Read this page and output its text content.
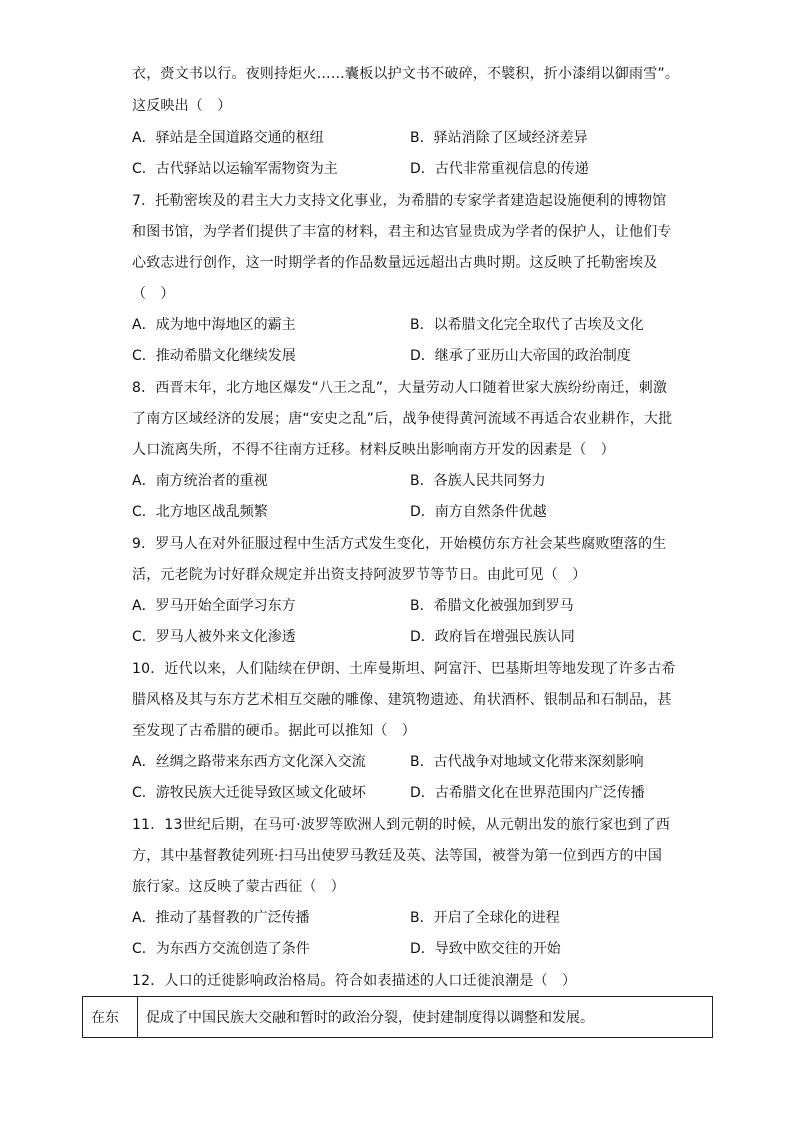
衣，赍文书以行。夜则持炬火……囊板以护文书不破碎，不襞积，折小漆绢以御雨雪”。
这反映出（　）
A．驿站是全国道路交通的枢纽	B．驿站消除了区域经济差异
C．古代驿站以运输军需物资为主	D．古代非常重视信息的传递
7．托勒密埃及的君主大力支持文化事业，为希腊的专家学者建造起设施便利的博物馆
和图书馆，为学者们提供了丰富的材料，君主和达官显贵成为学者的保护人，让他们专
心致志进行创作，这一时期学者的作品数量远远超出古典时期。这反映了托勒密埃及
（　）
A．成为地中海地区的霸主	B．以希腊文化完全取代了古埃及文化
C．推动希腊文化继续发展	D．继承了亚历山大帝国的政治制度
8．西晋末年，北方地区爆发“八王之乱”，大量劳动人口随着世家大族纷纷南迁，刺激
了南方区域经济的发展；唐“安史之乱”后，战争使得黄河流域不再适合农业耕作，大批
人口流离失所，不得不往南方迁移。材料反映出影响南方开发的因素是（　）
A．南方统治者的重视	B．各族人民共同努力
C．北方地区战乱频繁	D．南方自然条件优越
9．罗马人在对外征服过程中生活方式发生变化，开始模仿东方社会某些腐败堕落的生
活，元老院为讨好群众规定并出资支持阿波罗节等节日。由此可见（　）
A．罗马开始全面学习东方	B．希腊文化被强加到罗马
C．罗马人被外来文化渗透	D．政府旨在增强民族认同
10．近代以来，人们陆续在伊朗、土库曼斯坦、阿富汗、巴基斯坦等地发现了许多古希
腊风格及其与东方艺术相互交融的雕像、建筑物遗迹、角状酒杯、银制品和石制品，甚
至发现了古希腊的硬币。据此可以推知（　）
A．丝绸之路带来东西方文化深入交流	B．古代战争对地域文化带来深刻影响
C．游牧民族大迁徙导致区域文化破坏	D．古希腊文化在世界范围内广泛传播
11．13世纪后期，在马可·波罗等欧洲人到元朝的时候，从元朝出发的旅行家也到了西
方，其中基督教徒列班·扫马出使罗马教廷及英、法等国，被誉为第一位到西方的中国
旅行家。这反映了蒙古西征（　）
A．推动了基督教的广泛传播	B．开启了全球化的进程
C．为东西方交流创造了条件	D．导致中欧交往的开始
12．人口的迁徙影响政治格局。符合如表描述的人口迁徙浪潮是（　）
在东	促成了中国民族大交融和暂时的政治分裂，使封建制度得以调整和发展。
